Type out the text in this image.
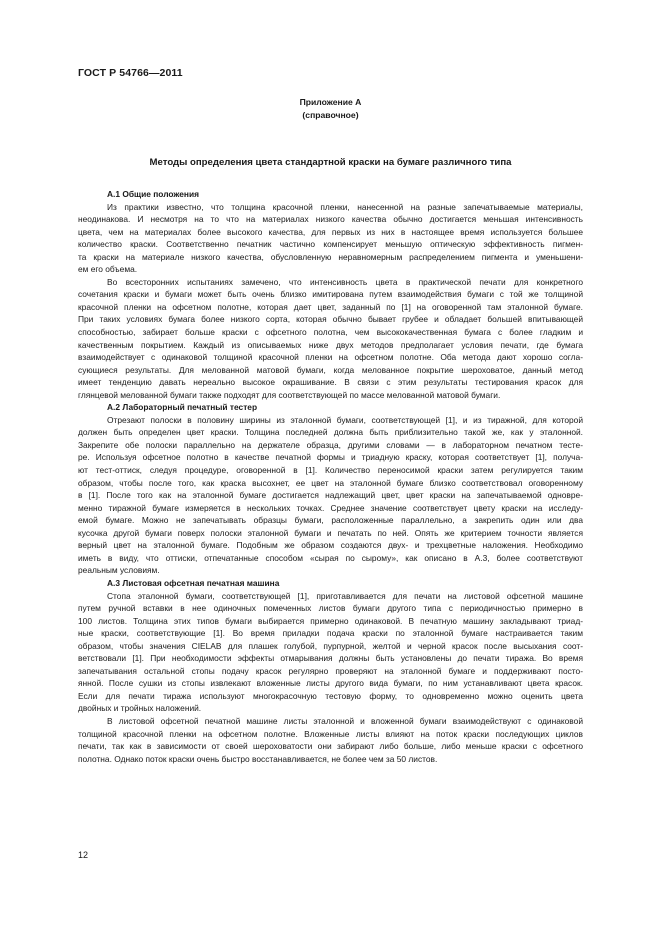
ГОСТ Р 54766—2011
Приложение А
(справочное)
Методы определения цвета стандартной краски на бумаге различного типа
А.1 Общие положения
Из практики известно, что толщина красочной пленки, нанесенной на разные запечатываемые материалы,
неодинакова. И несмотря на то что на материалах низкого качества обычно достигается меньшая интенсивность
цвета, чем на материалах более высокого качества, для первых из них в настоящее время используется большее
количество краски. Соответственно печатник частично компенсирует меньшую оптическую эффективность пигмен-
та краски на материале низкого качества, обусловленную неравномерным распределением пигмента и уменьшени-
ем его объема.
Во всесторонних испытаниях замечено, что интенсивность цвета в практической печати для конкретного
сочетания краски и бумаги может быть очень близко имитирована путем взаимодействия бумаги с той же толщиной
красочной пленки на офсетном полотне, которая дает цвет, заданный по [1] на оговоренной там эталонной бумаге.
При таких условиях бумага более низкого сорта, которая обычно бывает грубее и обладает большей впитывающей
способностью, забирает больше краски с офсетного полотна, чем высококачественная бумага с более гладким и
качественным покрытием. Каждый из описываемых ниже двух методов предполагает условия печати, где бумага
взаимодействует с одинаковой толщиной красочной пленки на офсетном полотне. Оба метода дают хорошо согла-
сующиеся результаты. Для мелованной матовой бумаги, когда мелованное покрытие шероховатое, данный метод
имеет тенденцию давать нереально высокое окрашивание. В связи с этим результаты тестирования красок для
глянцевой мелованной бумаги также подходят для соответствующей по массе мелованной матовой бумаги.
А.2 Лабораторный печатный тестер
Отрезают полоски в половину ширины из эталонной бумаги, соответствующей [1], и из тиражной, для которой
должен быть определен цвет краски. Толщина последней должна быть приблизительно такой же, как у эталонной.
Закрепите обе полоски параллельно на держателе образца, другими словами — в лабораторном печатном тесте-
ре. Используя офсетное полотно в качестве печатной формы и триадную краску, которая соответствует [1], получа-
ют тест-оттиск, следуя процедуре, оговоренной в [1]. Количество переносимой краски затем регулируется таким
образом, чтобы после того, как краска высохнет, ее цвет на эталонной бумаге близко соответствовал оговоренному
в [1]. После того как на эталонной бумаге достигается надлежащий цвет, цвет краски на запечатываемой одновре-
менно тиражной бумаге измеряется в нескольких точках. Среднее значение соответствует цвету краски на исследу-
емой бумаге. Можно не запечатывать образцы бумаги, расположенные параллельно, а закрепить один или два
кусочка другой бумаги поверх полоски эталонной бумаги и печатать по ней. Опять же критерием точности является
верный цвет на эталонной бумаге. Подобным же образом создаются двух- и трехцветные наложения. Необходимо
иметь в виду, что оттиски, отпечатанные способом «сырая по сырому», как описано в А.3, более соответствуют
реальным условиям.
А.3 Листовая офсетная печатная машина
Стопа эталонной бумаги, соответствующей [1], приготавливается для печати на листовой офсетной машине
путем ручной вставки в нее одиночных помеченных листов бумаги другого типа с периодичностью примерно в
100 листов. Толщина этих типов бумаги выбирается примерно одинаковой. В печатную машину закладывают триад-
ные краски, соответствующие [1]. Во время приладки подача краски по эталонной бумаге настраивается таким
образом, чтобы значения CIELAB для плашек голубой, пурпурной, желтой и черной красок после высыхания соот-
ветствовали [1]. При необходимости эффекты отмарывания должны быть установлены до печати тиража. Во время
запечатывания остальной стопы подачу красок регулярно проверяют на эталонной бумаге и поддерживают посто-
янной. После сушки из стопы извлекают вложенные листы другого вида бумаги, по ним устанавливают цвета красок.
Если для печати тиража используют многокрасочную тестовую форму, то одновременно можно оценить цвета
двойных и тройных наложений.
В листовой офсетной печатной машине листы эталонной и вложенной бумаги взаимодействуют с одинаковой
толщиной красочной пленки на офсетном полотне. Вложенные листы влияют на поток краски последующих циклов
печати, так как в зависимости от своей шероховатости они забирают либо больше, либо меньше краски с офсетного
полотна. Однако поток краски очень быстро восстанавливается, не более чем за 50 листов.
12
